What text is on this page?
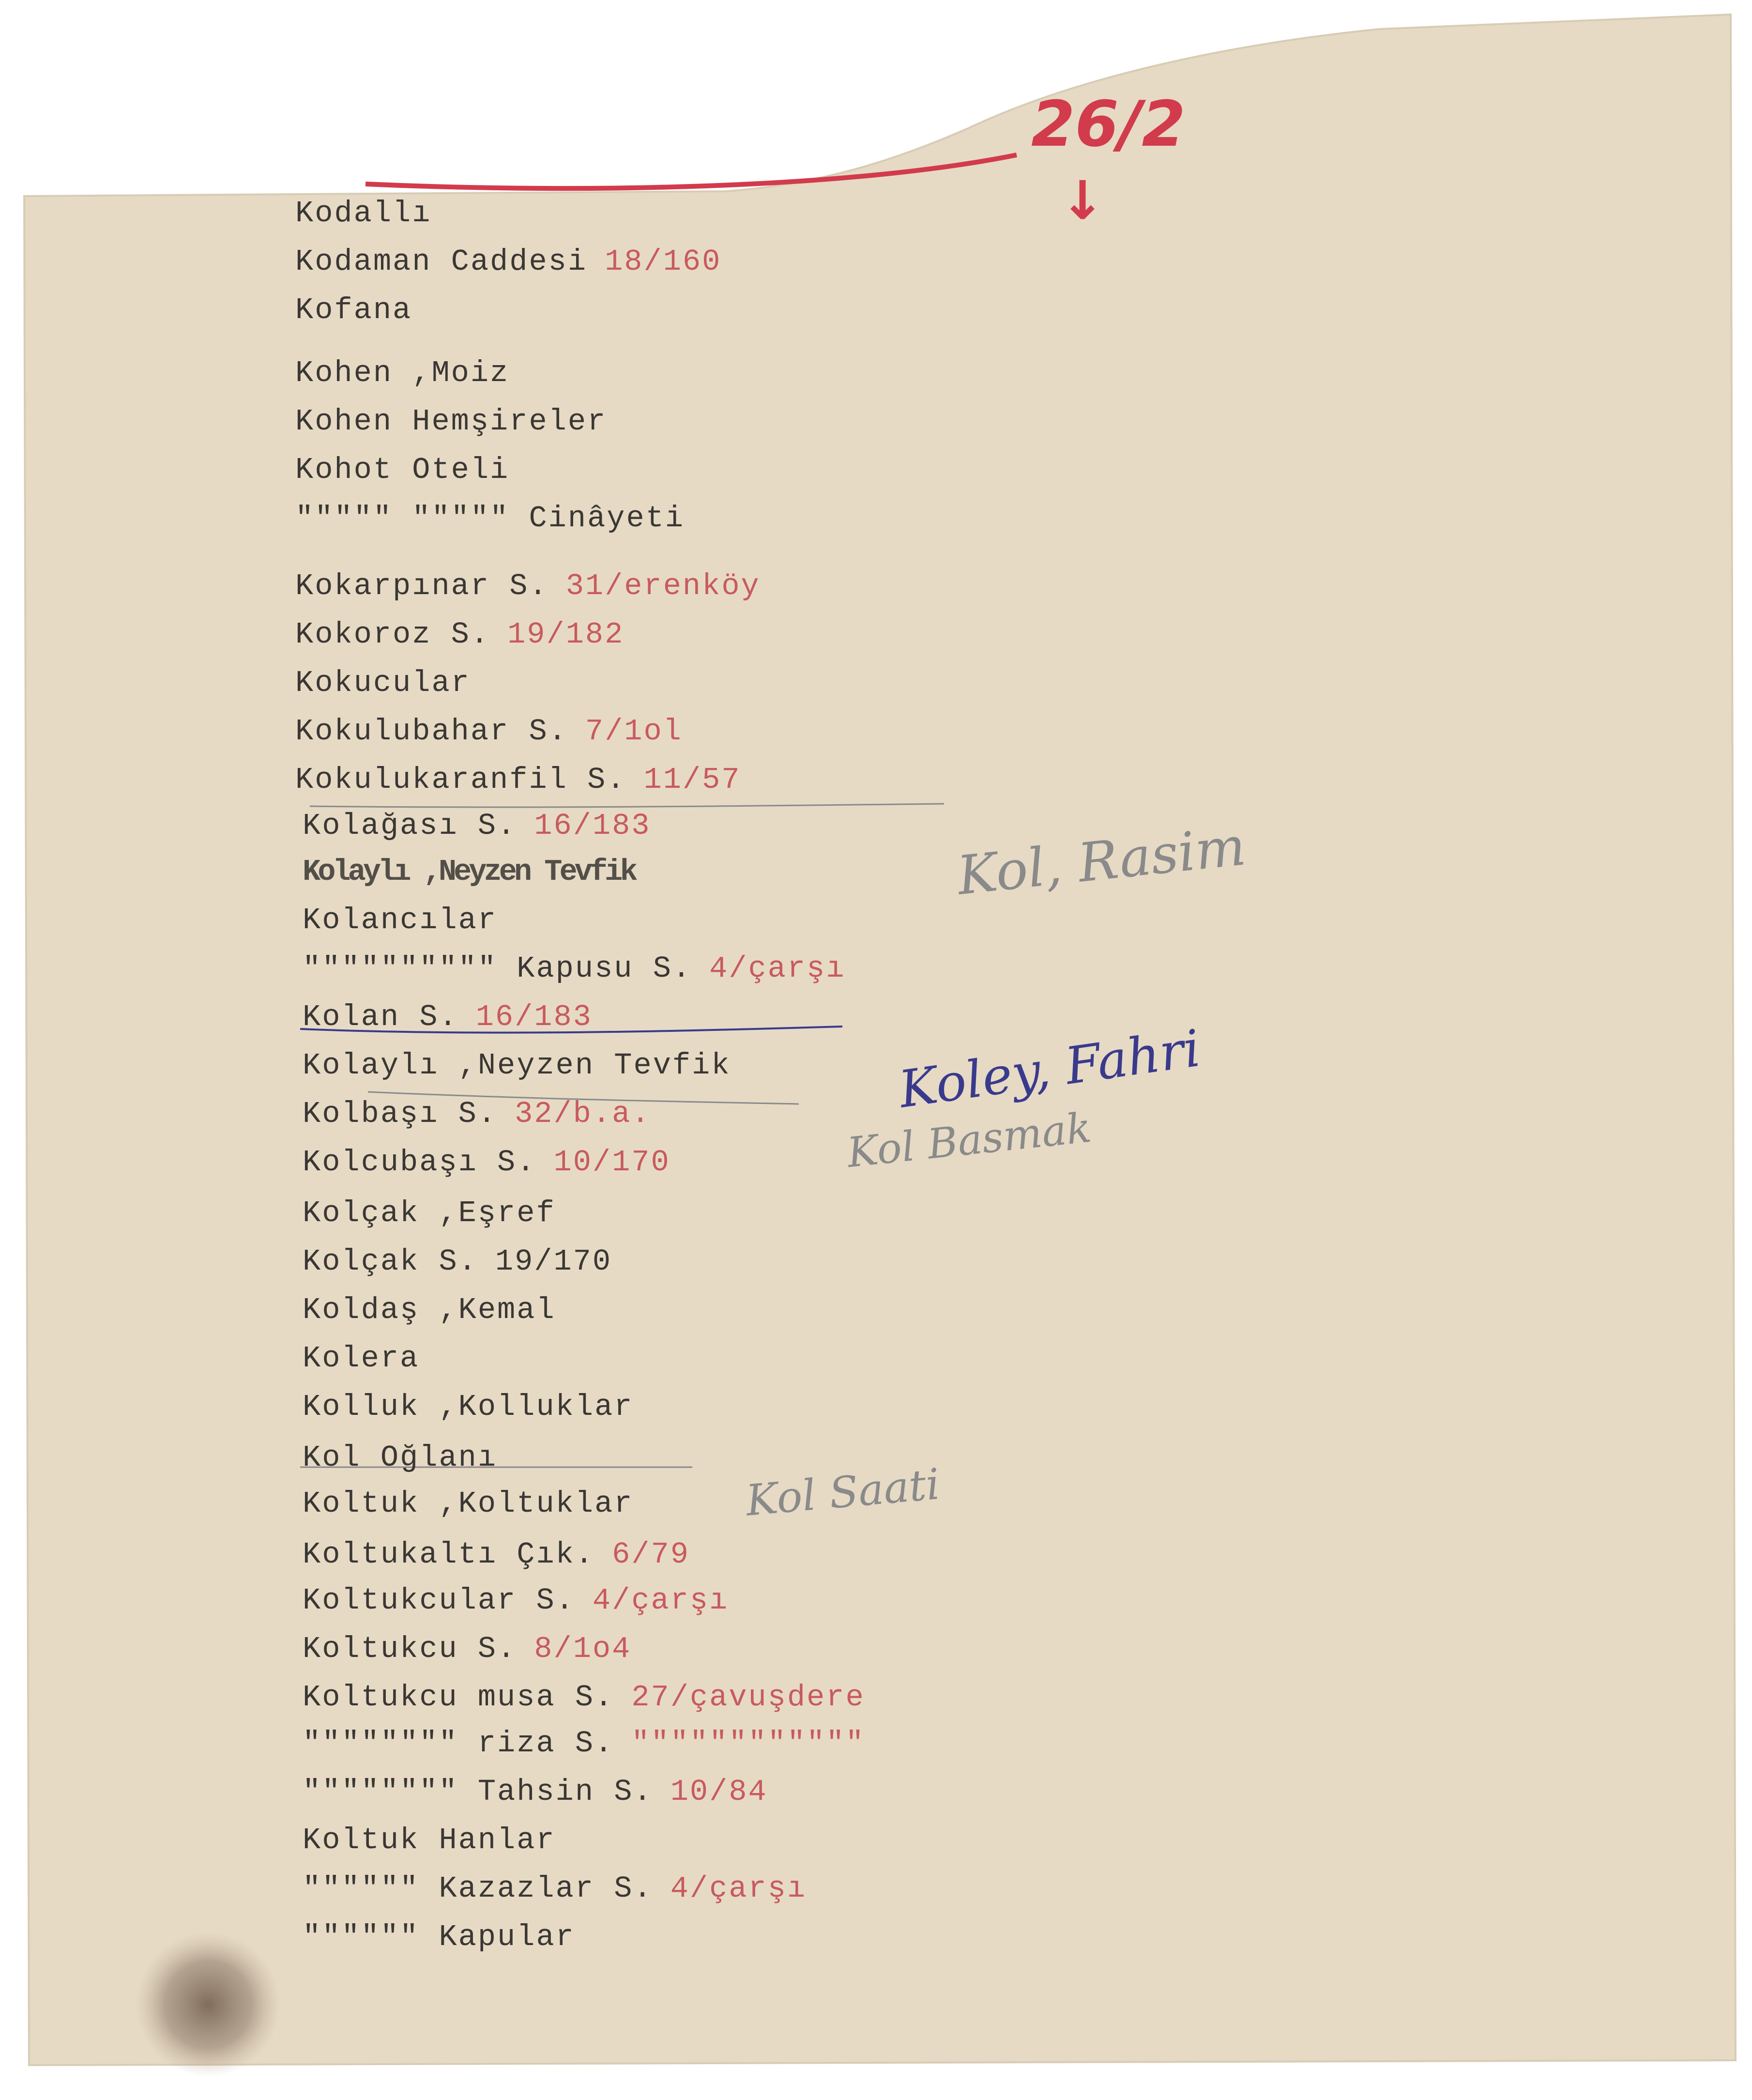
26/2
↓
Kodallı
Kodaman Caddesi 18/160
Kofana
Kohen ,Moiz
Kohen Hemşireler
Kohot Oteli
""""" """"" Cinâyeti
Kokarpınar S. 31/erenköy
Kokoroz S. 19/182
Kokucular
Kokulubahar S. 7/1ol
Kokulukaranfil S. 11/57
Kolağası S. 16/183
Kolaylı ,Neyzen Tevfik
Kolancılar
"""""""""" Kapusu S. 4/çarşı
Kolan S. 16/183
Kolaylı ,Neyzen Tevfik
Kolbaşı S. 32/b.a.
Kolcubaşı S. 10/170
Kolçak ,Eşref
Kolçak S. 19/170
Koldaş ,Kemal
Kolera
Kolluk ,Kolluklar
Kol Oğlanı
Koltuk ,Koltuklar
Koltukaltı Çık. 6/79
Koltukcular S. 4/çarşı
Koltukcu S. 8/1o4
Koltukcu musa S. 27/çavuşdere
"""""""" riza S. """"""""""""
"""""""" Tahsin S. 10/84
Koltuk Hanlar
"""""" Kazazlar S. 4/çarşı
"""""" Kapular

Kol, Rasim

Koley, Fahri

Kol Basmak

Kol Saati
